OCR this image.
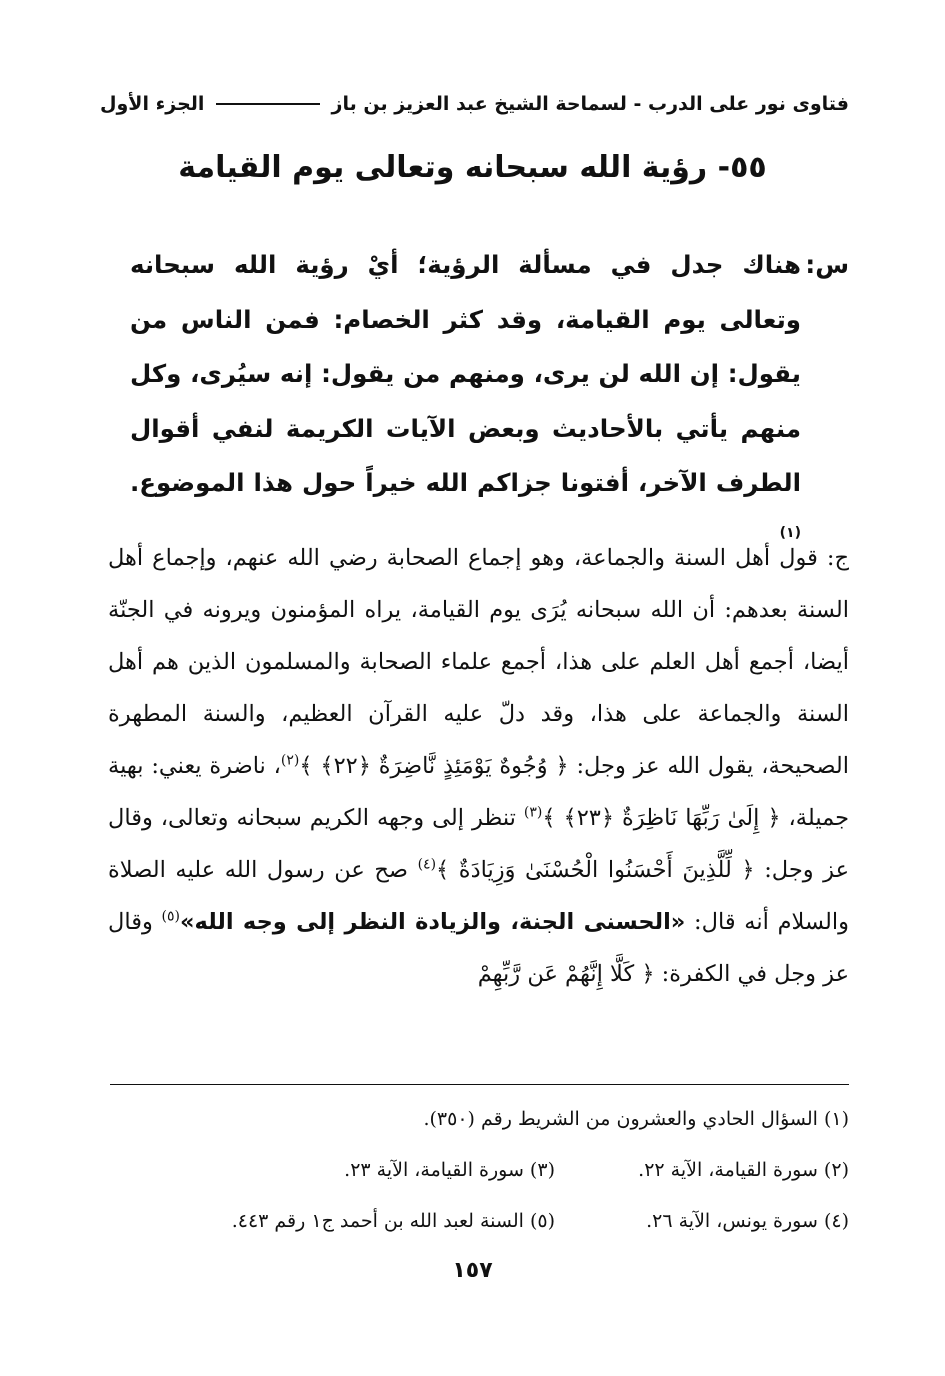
فتاوى نور على الدرب - لسماحة الشيخ عبد العزيز بن باز
الجزء الأول
٥٥- رؤية الله سبحانه وتعالى يوم القيامة
س:
هناك جدل في مسألة الرؤية؛ أيْ رؤية الله سبحانه وتعالى يوم القيامة، وقد كثر الخصام: فمن الناس من يقول: إن الله لن يرى، ومنهم من يقول: إنه سيُرى، وكل منهم يأتي بالأحاديث وبعض الآيات الكريمة لنفي أقوال الطرف الآخر، أفتونا جزاكم الله خيراً حول هذا الموضوع.$^{(١)}$
ج: قول أهل السنة والجماعة، وهو إجماع الصحابة رضي الله عنهم، وإجماع أهل السنة بعدهم: أن الله سبحانه يُرَى يوم القيامة، يراه المؤمنون ويرونه في الجنّة أيضا، أجمع أهل العلم على هذا، أجمع علماء الصحابة والمسلمون الذين هم أهل السنة والجماعة على هذا، وقد دلّ عليه القرآن العظيم، والسنة المطهرة الصحيحة، يقول الله عز وجل: ﴿ وُجُوهٌ يَوْمَئِذٍ نَّاضِرَةٌ ﴿٢٢﴾ ﴾$^{(٢)}$، ناضرة يعني: بهية جميلة، ﴿ إِلَىٰ رَبِّهَا نَاظِرَةٌ ﴿٢٣﴾ ﴾$^{(٣)}$ تنظر إلى وجهه الكريم سبحانه وتعالى، وقال عز وجل: ﴿ لِّلَّذِينَ أَحْسَنُوا الْحُسْنَىٰ وَزِيَادَةٌ ﴾$^{(٤)}$ صح عن رسول الله عليه الصلاة والسلام أنه قال: «الحسنى الجنة، والزيادة النظر إلى وجه الله»$^{(٥)}$ وقال عز وجل في الكفرة: ﴿ كَلَّا إِنَّهُمْ عَن رَّبِّهِمْ
(١) السؤال الحادي والعشرون من الشريط رقم (٣٥٠).
(٢) سورة القيامة، الآية ٢٢.
(٣) سورة القيامة، الآية ٢٣.
(٤) سورة يونس، الآية ٢٦.
(٥) السنة لعبد الله بن أحمد ج١ رقم ٤٤٣.
١٥٧
